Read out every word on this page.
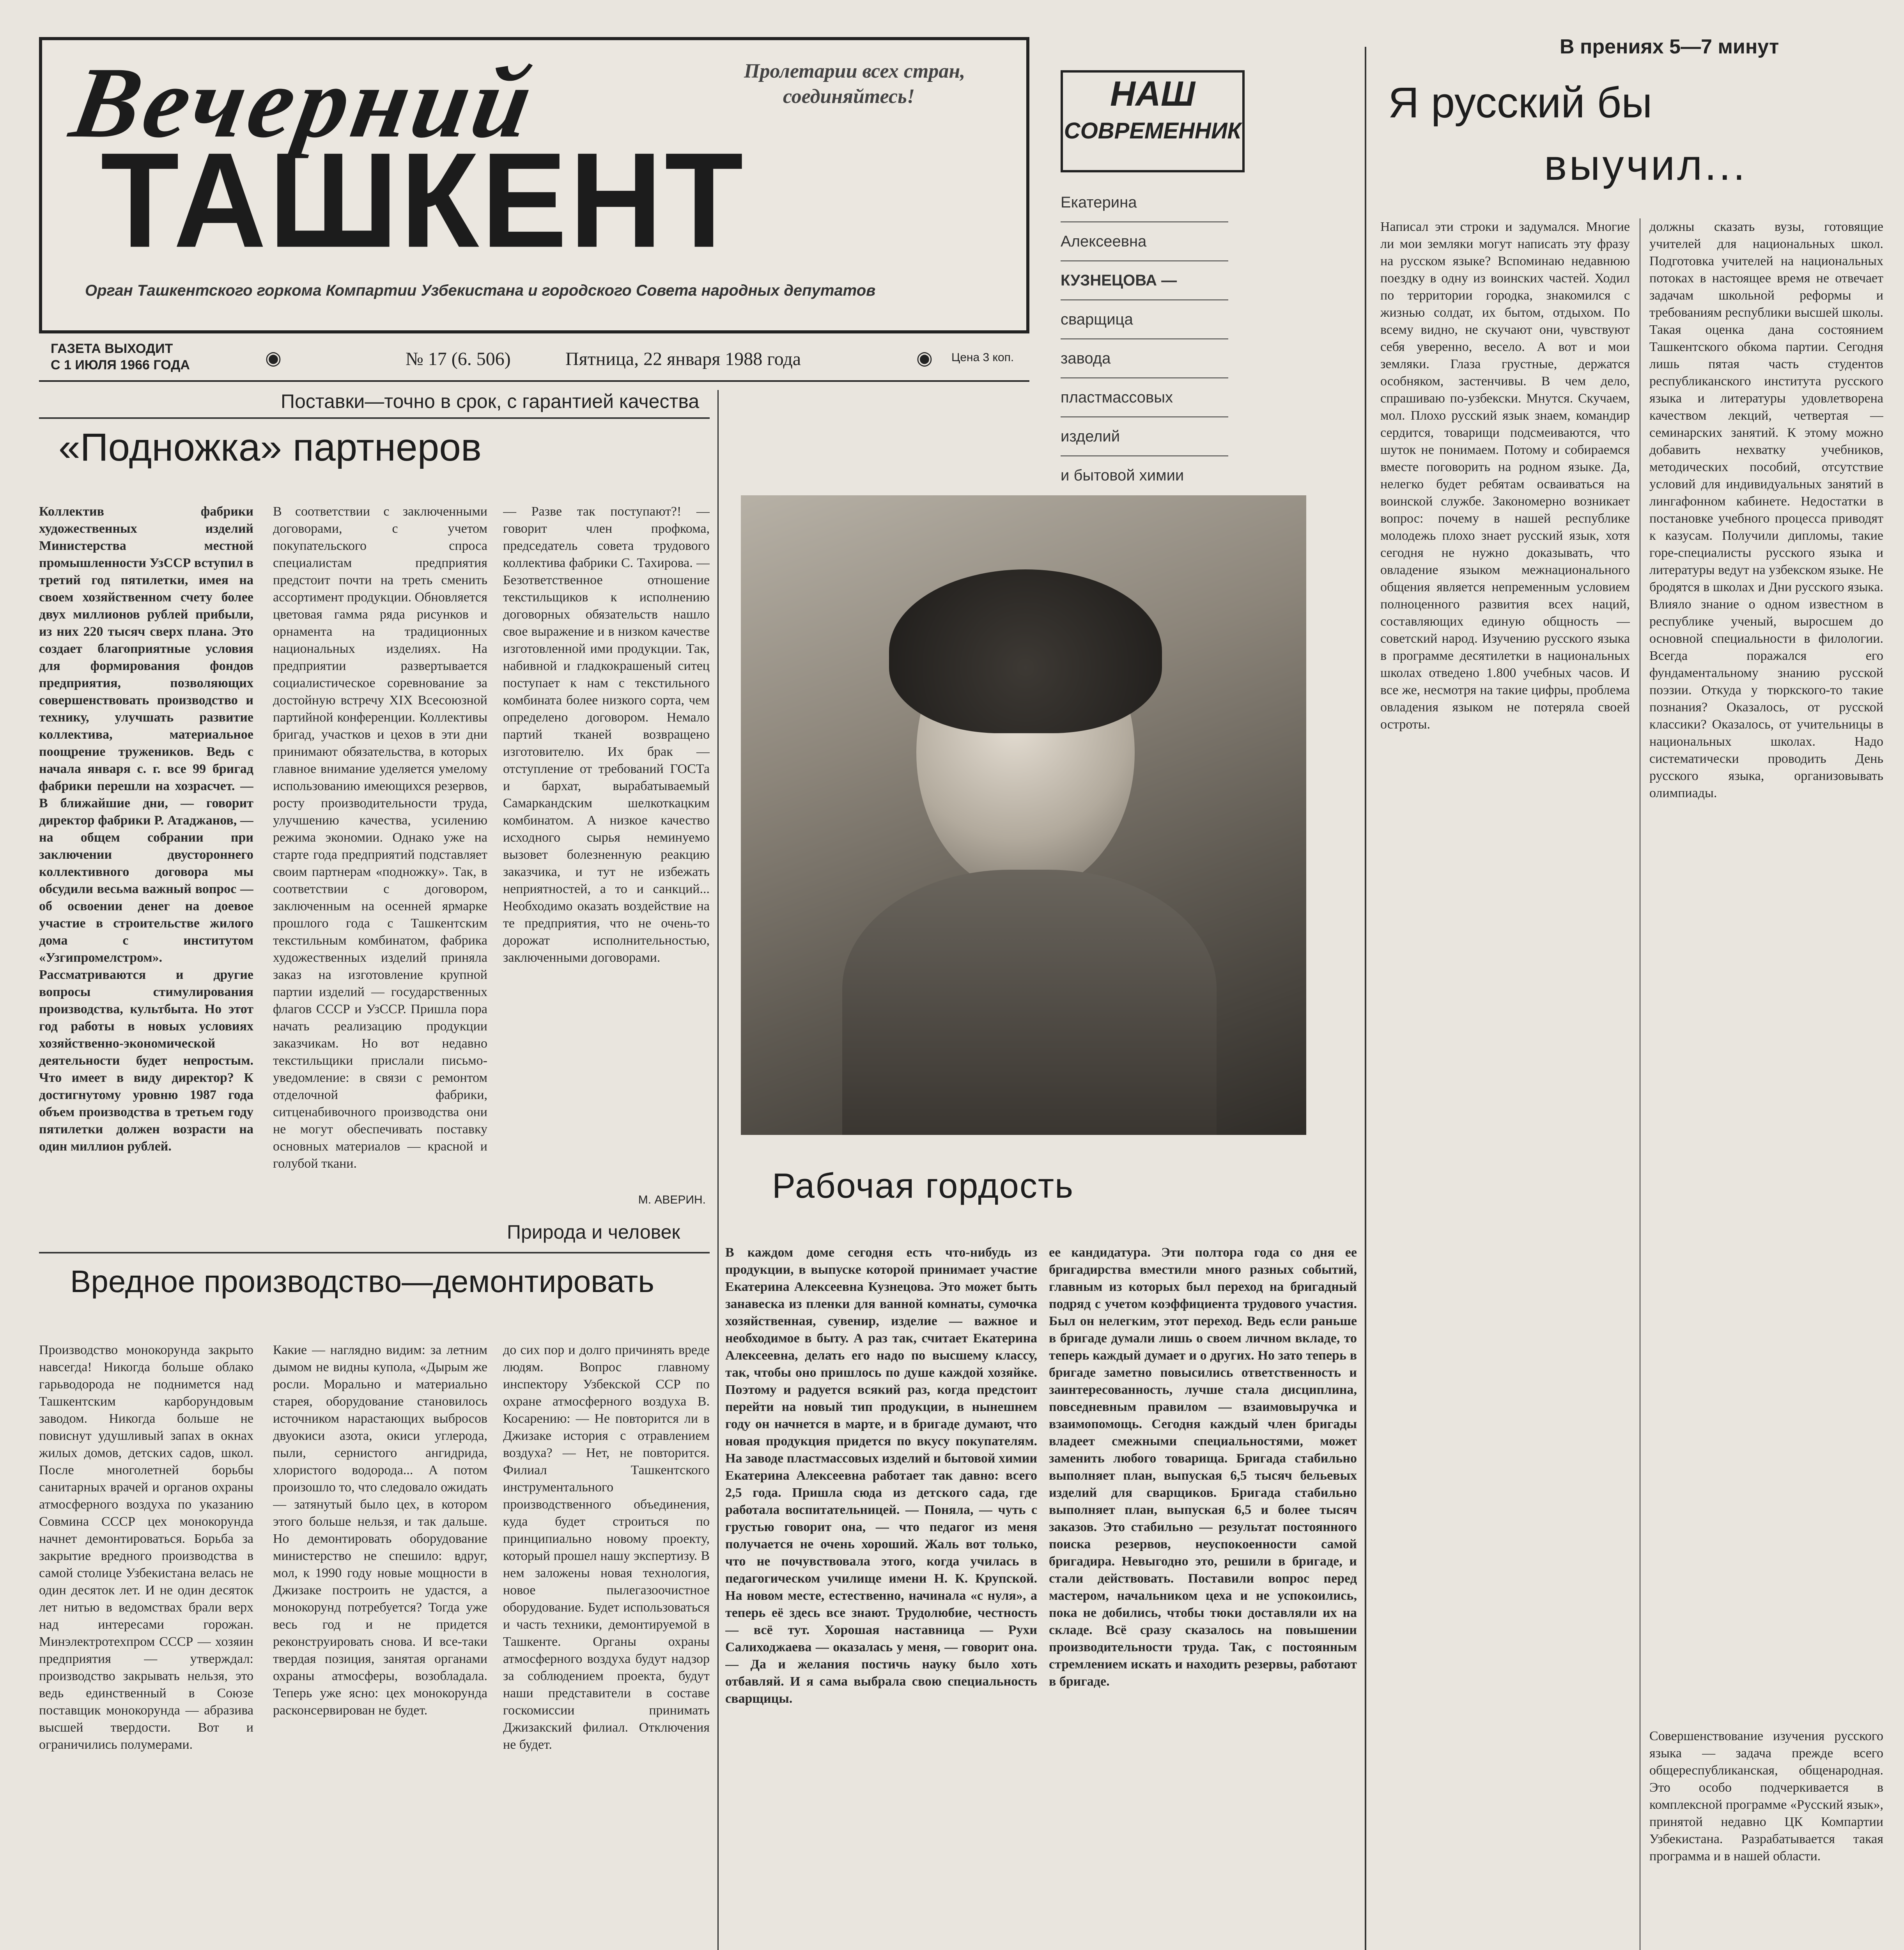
Вечерний
ТАШКЕНТ
Пролетарии всех стран,
соединяйтесь!
Орган Ташкентского горкома Компартии Узбекистана и городского Совета народных депутатов
ГАЗЕТА ВЫХОДИТ
С 1 ИЮЛЯ 1966 ГОДА	◉	№ 17 (6. 506)	Пятница, 22 января 1988 года	◉ Цена 3 коп.
НАШ
СОВРЕМЕННИК
Екатерина
Алексеевна
КУЗНЕЦОВА —
сварщица
завода
пластмассовых
изделий
и бытовой химии
Поставки—точно в срок, с гарантией качества
«Подножка» партнеров
Коллектив фабрики художественных изделий Министерства местной промышленности УзССР вступил в третий год пятилетки, имея на своем хозяйственном счету более двух миллионов рублей прибыли, из них 220 тысяч сверх плана. Это создает благоприятные условия для формирования фондов предприятия, позволяющих совершенствовать производство и технику, улучшать развитие коллектива, материальное поощрение тружеников. Ведь с начала января с. г. все 99 бригад фабрики перешли на хозрасчет. — В ближайшие дни, — говорит директор фабрики Р. Атаджанов, — на общем собрании при заключении двустороннего коллективного договора мы обсудили весьма важный вопрос — об освоении денег на доевое участие в строительстве жилого дома с институтом «Узгипромелстром». Рассматриваются и другие вопросы стимулирования производства, культбыта. Но этот год работы в новых условиях хозяйственно-экономической деятельности будет непростым. Что имеет в виду директор? К достигнутому уровню 1987 года объем производства в третьем году пятилетки должен возрасти на один миллион рублей.
В соответствии с заключенными договорами, с учетом покупательского спроса специалистам предприятия предстоит почти на треть сменить ассортимент продукции. Обновляется цветовая гамма ряда рисунков и орнамента на традиционных национальных изделиях. На предприятии развертывается социалистическое соревнование за достойную встречу XIX Всесоюзной партийной конференции. Коллективы бригад, участков и цехов в эти дни принимают обязательства, в которых главное внимание уделяется умелому использованию имеющихся резервов, росту производительности труда, улучшению качества, усилению режима экономии. Однако уже на старте года предприятий подставляет своим партнерам «подножку». Так, в соответствии с договором, заключенным на осенней ярмарке прошлого года с Ташкентским текстильным комбинатом, фабрика художественных изделий приняла заказ на изготовление крупной партии изделий — государственных флагов СССР и УзССР. Пришла пора начать реализацию продукции заказчикам. Но вот недавно текстильщики прислали письмо-уведомление: в связи с ремонтом отделочной фабрики, ситценабивочного производства они не могут обеспечивать поставку основных материалов — красной и голубой ткани.
— Разве так поступают?! — говорит член профкома, председатель совета трудового коллектива фабрики С. Тахирова. — Безответственное отношение текстильщиков к исполнению договорных обязательств нашло свое выражение и в низком качестве изготовленной ими продукции. Так, набивной и гладкокрашеный ситец поступает к нам с текстильного комбината более низкого сорта, чем определено договором. Немало партий тканей возвращено изготовителю. Их брак — отступление от требований ГОСТа и бархат, вырабатываемый Самаркандским шелкоткацким комбинатом. А низкое качество исходного сырья неминуемо вызовет болезненную реакцию заказчика, и тут не избежать неприятностей, а то и санкций... Необходимо оказать воздействие на те предприятия, что не очень-то дорожат исполнительностью, заключенными договорами.
М. АВЕРИН.
Природа и человек
Вредное производство—демонтировать
Производство монокорунда закрыто навсегда! Никогда больше облако гарьводорода не поднимется над Ташкентским карборундовым заводом. Никогда больше не повиснут удушливый запах в окнах жилых домов, детских садов, школ. После многолетней борьбы санитарных врачей и органов охраны атмосферного воздуха по указанию Совмина СССР цех монокорунда начнет демонтироваться. Борьба за закрытие вредного производства в самой столице Узбекистана велась не один десяток лет. И не один десяток лет нитью в ведомствах брали верх над интересами горожан. Минэлектротехпром СССР — хозяин предприятия — утверждал: производство закрывать нельзя, это ведь единственный в Союзе поставщик монокорунда — абразива высшей твердости. Вот и ограничились полумерами.
Какие — наглядно видим: за летним дымом не видны купола, «Дырым же росли. Морально и материально старея, оборудование становилось источником нарастающих выбросов двуокиси азота, окиси углерода, пыли, сернистого ангидрида, хлористого водорода... А потом произошло то, что следовало ожидать — затянутый было цех, в котором этого больше нельзя, и так дальше. Но демонтировать оборудование министерство не спешило: вдруг, мол, к 1990 году новые мощности в Джизаке построить не удастся, а монокорунд потребуется? Тогда уже весь год и не придется реконструировать снова. И все-таки твердая позиция, занятая органами охраны атмосферы, возобладала. Теперь уже ясно: цех монокорунда расконсервирован не будет.
до сих пор и долго причинять вреде людям. Вопрос главному инспектору Узбекской ССР по охране атмосферного воздуха В. Косарению: — Не повторится ли в Джизаке история с отравлением воздуха? — Нет, не повторится. Филиал Ташкентского инструментального производственного объединения, куда будет строиться по принципиально новому проекту, который прошел нашу экспертизу. В нем заложены новая технология, новое пылегазоочистное оборудование. Будет использоваться и часть техники, демонтируемой в Ташкенте. Органы охраны атмосферного воздуха будут надзор за соблюдением проекта, будут наши представители в составе госкомиссии принимать Джизакский филиал. Отключения не будет.
Рабочая гордость
В каждом доме сегодня есть что-нибудь из продукции, в выпуске которой принимает участие Екатерина Алексеевна Кузнецова. Это может быть занавеска из пленки для ванной комнаты, сумочка хозяйственная, сувенир, изделие — важное и необходимое в быту. А раз так, считает Екатерина Алексеевна, делать его надо по высшему классу, так, чтобы оно пришлось по душе каждой хозяйке. Поэтому и радуется всякий раз, когда предстоит перейти на новый тип продукции, в нынешнем году он начнется в марте, и в бригаде думают, что новая продукция придется по вкусу покупателям. На заводе пластмассовых изделий и бытовой химии Екатерина Алексеевна работает так давно: всего 2,5 года. Пришла сюда из детского сада, где работала воспитательницей. — Поняла, — чуть с грустью говорит она, — что педагог из меня получается не очень хороший. Жаль вот только, что не почувствовала этого, когда училась в педагогическом училище имени Н. К. Крупской. На новом месте, естественно, начинала «с нуля», а теперь её здесь все знают. Трудолюбие, честность — всё тут. Хорошая наставница — Рухи Салиходжаева — оказалась у меня, — говорит она. — Да и желания постичь науку было хоть отбавляй. И я сама выбрала свою специальность сварщицы.
ее кандидатура. Эти полтора года со дня ее бригадирства вместили много разных событий, главным из которых был переход на бригадный подряд с учетом коэффициента трудового участия. Был он нелегким, этот переход. Ведь если раньше в бригаде думали лишь о своем личном вкладе, то теперь каждый думает и о других. Но зато теперь в бригаде заметно повысились ответственность и заинтересованность, лучше стала дисциплина, повседневным правилом — взаимовыручка и взаимопомощь. Сегодня каждый член бригады владеет смежными специальностями, может заменить любого товарища. Бригада стабильно выполняет план, выпуская 6,5 тысяч бельевых изделий для сварщиков. Бригада стабильно выполняет план, выпуская 6,5 и более тысяч заказов. Это стабильно — результат постоянного поиска резервов, неуспокоенности самой бригадира. Невыгодно это, решили в бригаде, и стали действовать. Поставили вопрос перед мастером, начальником цеха и не успокоились, пока не добились, чтобы тюки доставляли их на складе. Всё сразу сказалось на повышении производительности труда. Так, с постоянным стремлением искать и находить резервы, работают в бригаде.
В прениях 5—7 минут
Я русский бы
выучил...
Написал эти строки и задумался. Многие ли мои земляки могут написать эту фразу на русском языке? Вспоминаю недавнюю поездку в одну из воинских частей. Ходил по территории городка, знакомился с жизнью солдат, их бытом, отдыхом. По всему видно, не скучают они, чувствуют себя уверенно, весело. А вот и мои земляки. Глаза грустные, держатся особняком, застенчивы. В чем дело, спрашиваю по-узбекски. Мнутся. Скучаем, мол. Плохо русский язык знаем, командир сердится, товарищи подсмеиваются, что шуток не понимаем. Потому и собираемся вместе поговорить на родном языке. Да, нелегко будет ребятам осваиваться на воинской службе. Закономерно возникает вопрос: почему в нашей республике молодежь плохо знает русский язык, хотя сегодня не нужно доказывать, что овладение языком межнационального общения является непременным условием полноценного развития всех наций, составляющих единую общность — советский народ. Изучению русского языка в программе десятилетки в национальных школах отведено 1.800 учебных часов. И все же, несмотря на такие цифры, проблема овладения языком не потеряла своей остроты.
должны сказать вузы, готовящие учителей для национальных школ. Подготовка учителей на национальных потоках в настоящее время не отвечает задачам школьной реформы и требованиям республики высшей школы. Такая оценка дана состоянием Ташкентского обкома партии. Сегодня лишь пятая часть студентов республиканского института русского языка и литературы удовлетворена качеством лекций, четвертая — семинарских занятий. К этому можно добавить нехватку учебников, методических пособий, отсутствие условий для индивидуальных занятий в лингафонном кабинете. Недостатки в постановке учебного процесса приводят к казусам. Получили дипломы, такие горе-специалисты русского языка и литературы ведут на узбекском языке. Не бродятся в школах и Дни русского языка. Влияло знание о одном известном в республике ученый, выросшем до основной специальности в филологии. Всегда поражался его фундаментальному знанию русской поэзии. Откуда у тюркского-то такие познания? Оказалось, от русской классики? Оказалось, от учительницы в национальных школах. Надо систематически проводить День русского языка, организовывать олимпиады.
Совершенствование изучения русского языка — задача прежде всего общереспубликанская, общенародная. Это особо подчеркивается в комплексной программе «Русский язык», принятой недавно ЦК Компартии Узбекистана. Разрабатывается такая программа и в нашей области.
